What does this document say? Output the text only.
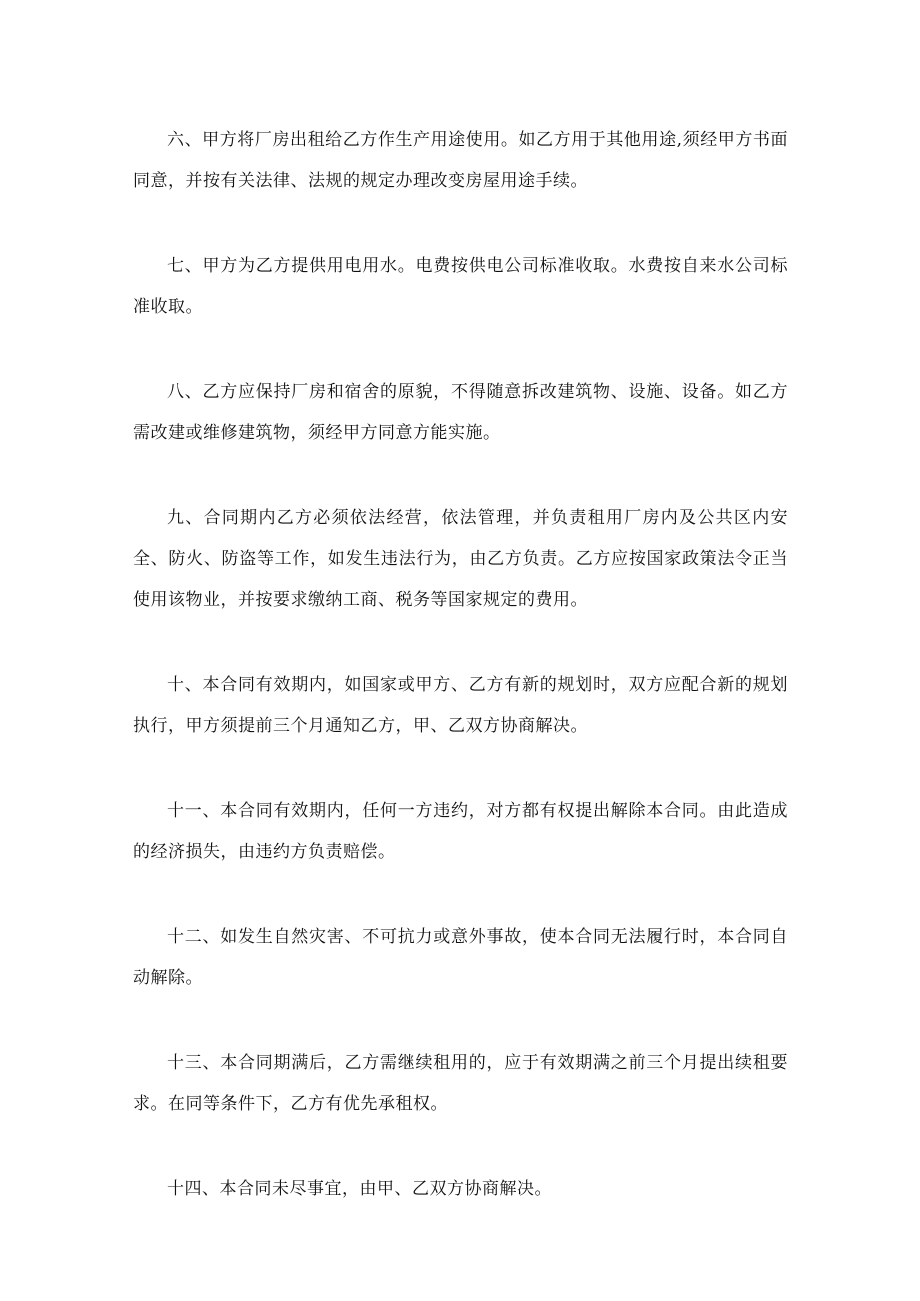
六、甲方将厂房出租给乙方作生产用途使用。如乙方用于其他用途,须经甲方书面同意，并按有关法律、法规的规定办理改变房屋用途手续。

七、甲方为乙方提供用电用水。电费按供电公司标准收取。水费按自来水公司标准收取。

八、乙方应保持厂房和宿舍的原貌，不得随意拆改建筑物、设施、设备。如乙方需改建或维修建筑物，须经甲方同意方能实施。

九、合同期内乙方必须依法经营，依法管理，并负责租用厂房内及公共区内安全、防火、防盗等工作，如发生违法行为，由乙方负责。乙方应按国家政策法令正当使用该物业，并按要求缴纳工商、税务等国家规定的费用。

十、本合同有效期内，如国家或甲方、乙方有新的规划时，双方应配合新的规划执行，甲方须提前三个月通知乙方，甲、乙双方协商解决。

十一、本合同有效期内，任何一方违约，对方都有权提出解除本合同。由此造成的经济损失，由违约方负责赔偿。

十二、如发生自然灾害、不可抗力或意外事故，使本合同无法履行时，本合同自动解除。

十三、本合同期满后，乙方需继续租用的，应于有效期满之前三个月提出续租要求。在同等条件下，乙方有优先承租权。

十四、本合同未尽事宜，由甲、乙双方协商解决。
